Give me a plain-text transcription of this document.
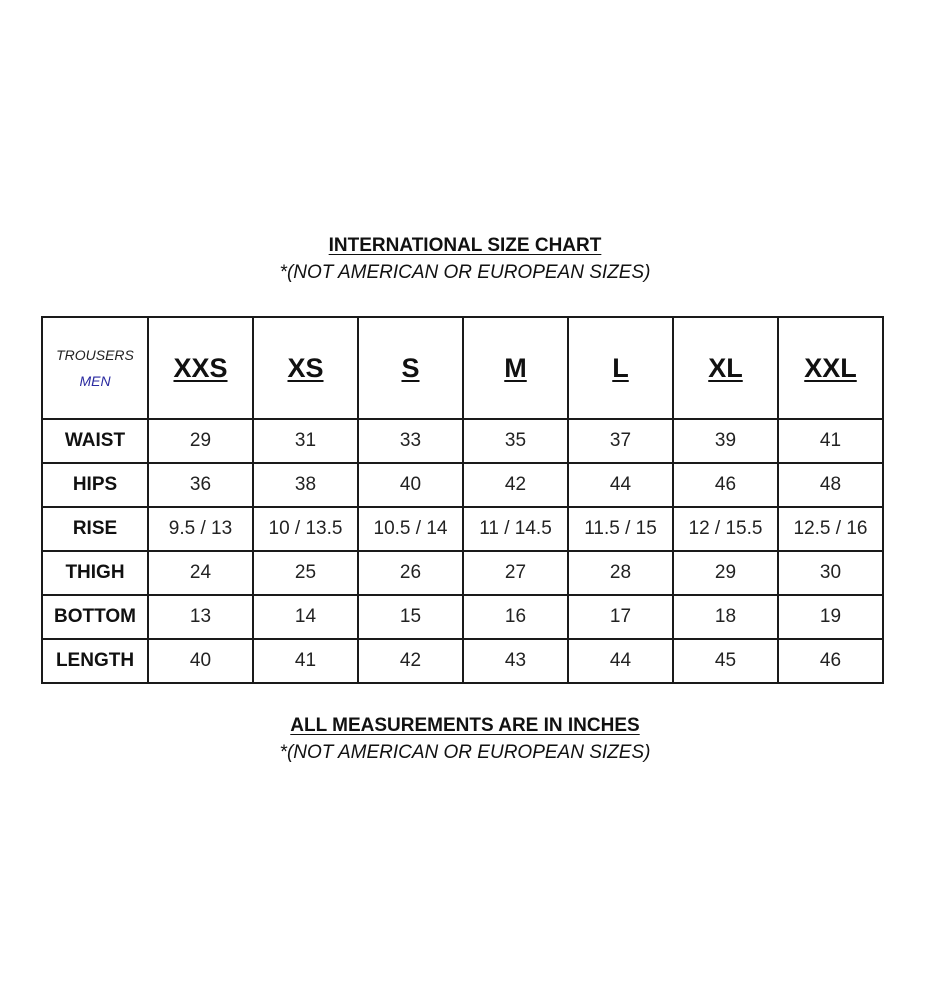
INTERNATIONAL SIZE CHART
*(NOT AMERICAN OR EUROPEAN SIZES)
TROUSERS
MEN	XXS	XS	S	M	L	XL	XXL
WAIST	29	31	33	35	37	39	41
HIPS	36	38	40	42	44	46	48
RISE	9.5 / 13	10 / 13.5	10.5 / 14	11 / 14.5	11.5 / 15	12 / 15.5	12.5 / 16
THIGH	24	25	26	27	28	29	30
BOTTOM	13	14	15	16	17	18	19
LENGTH	40	41	42	43	44	45	46
ALL MEASUREMENTS ARE IN INCHES
*(NOT AMERICAN OR EUROPEAN SIZES)
